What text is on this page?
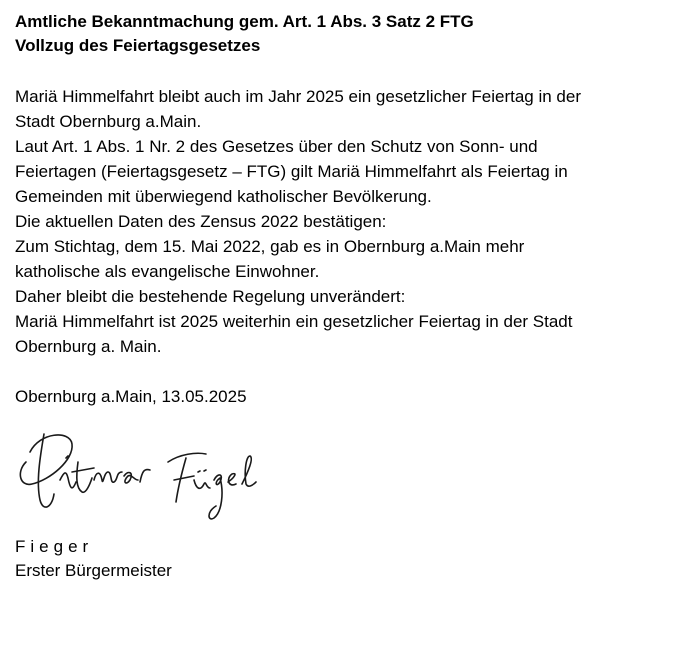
Amtliche Bekanntmachung gem. Art. 1 Abs. 3 Satz 2 FTG

Vollzug des Feiertagsgesetzes

Mariä Himmelfahrt bleibt auch im Jahr 2025 ein gesetzlicher Feiertag in der
Stadt Obernburg a.Main.
Laut Art. 1 Abs. 1 Nr. 2 des Gesetzes über den Schutz von Sonn- und
Feiertagen (Feiertagsgesetz – FTG) gilt Mariä Himmelfahrt als Feiertag in
Gemeinden mit überwiegend katholischer Bevölkerung.
Die aktuellen Daten des Zensus 2022 bestätigen:
Zum Stichtag, dem 15. Mai 2022, gab es in Obernburg a.Main mehr
katholische als evangelische Einwohner.
Daher bleibt die bestehende Regelung unverändert:
Mariä Himmelfahrt ist 2025 weiterhin ein gesetzlicher Feiertag in der Stadt
Obernburg a. Main.
Obernburg a.Main, 13.05.2025
Fieger
Erster Bürgermeister
